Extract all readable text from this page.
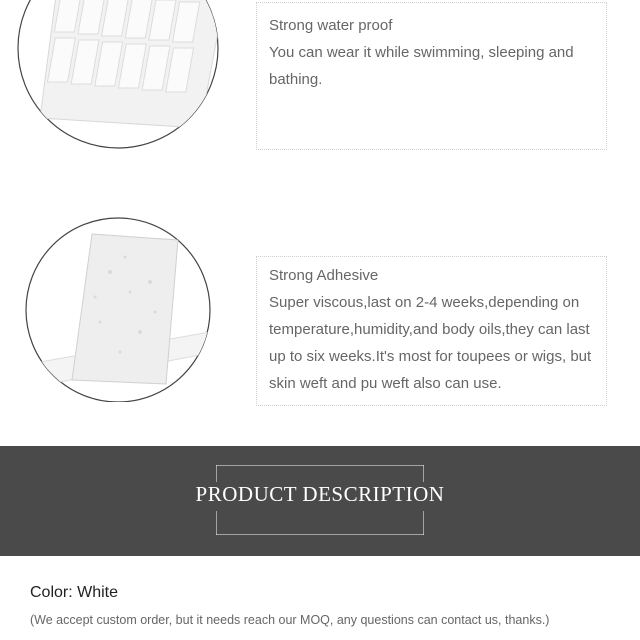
Strong water proof
You can wear it while swimming, sleeping and bathing.
Strong Adhesive
Super viscous,last on 2-4 weeks,depending on temperature,humidity,and body oils,they can last up to six weeks.It's most for toupees or wigs, but skin weft and pu weft also can use.
PRODUCT DESCRIPTION
Color: White
(We accept custom order, but it needs reach our MOQ, any questions can contact us, thanks.)
